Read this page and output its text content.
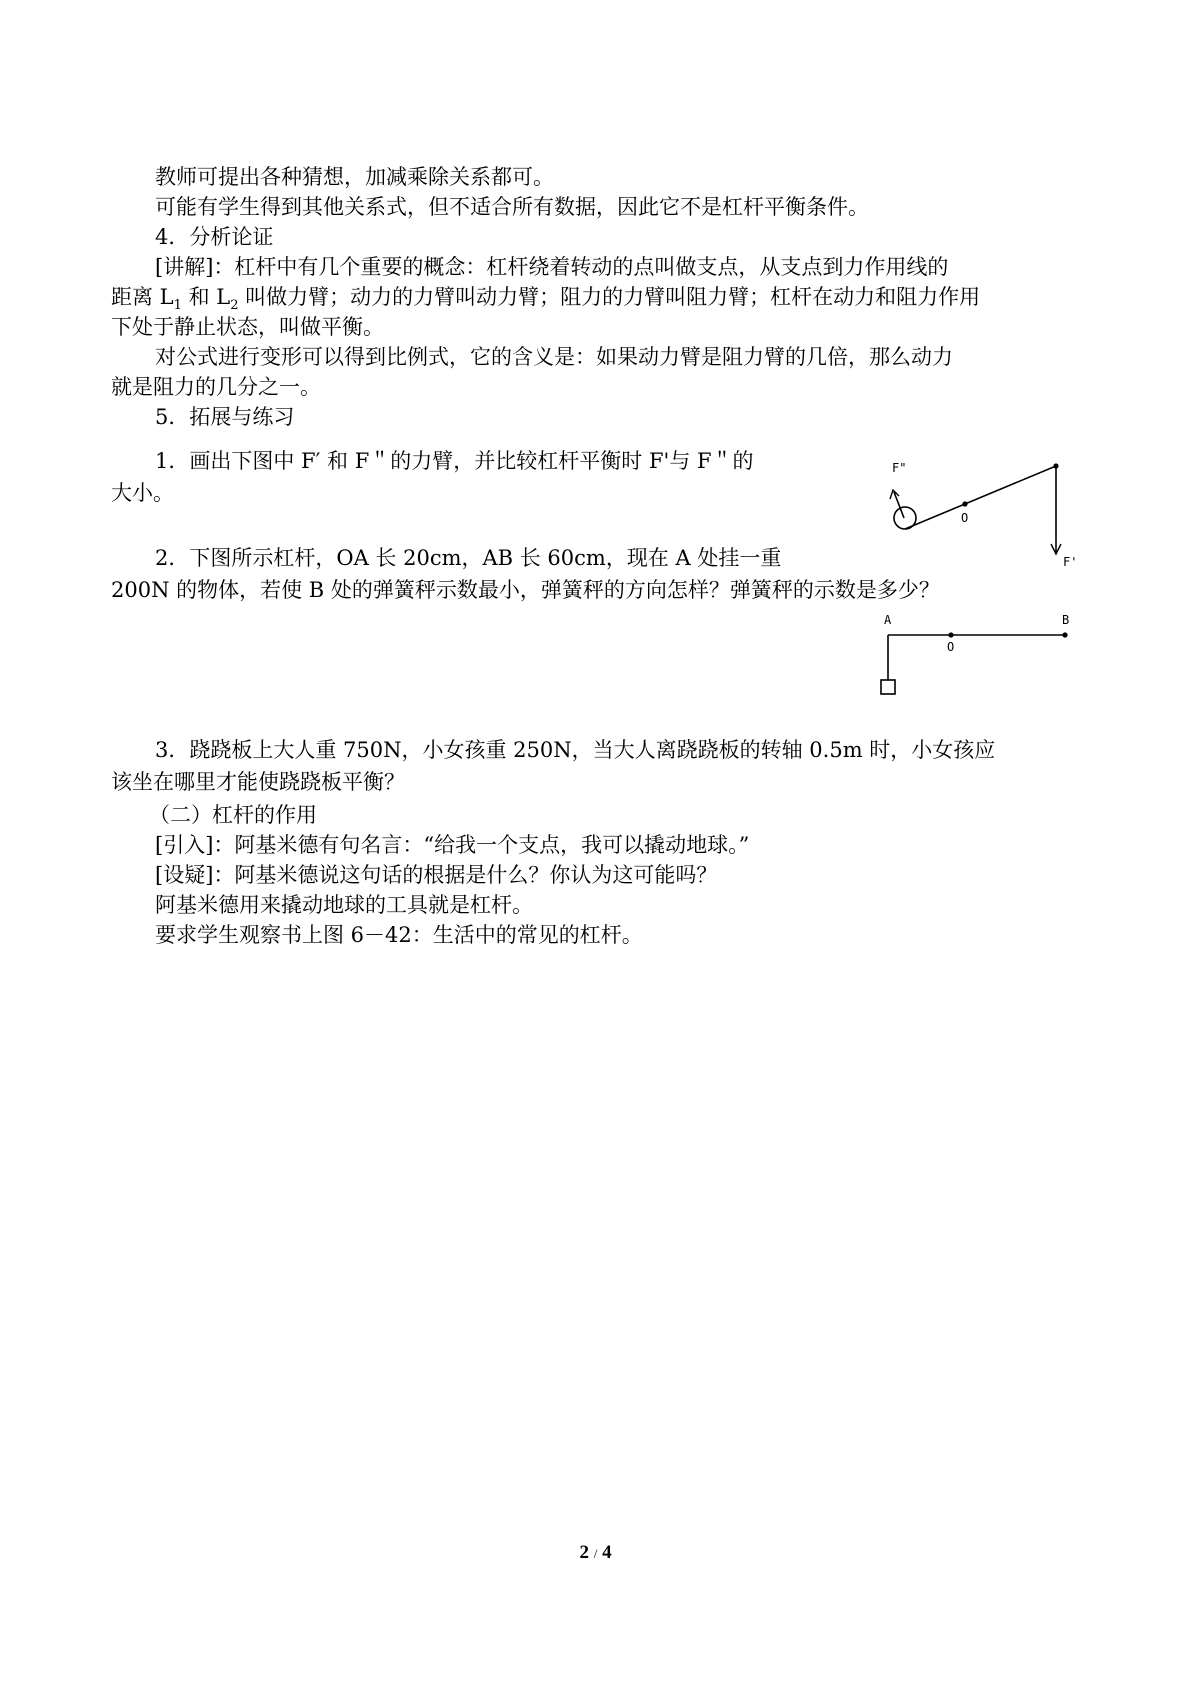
教师可提出各种猜想，加减乘除关系都可。

可能有学生得到其他关系式，但不适合所有数据，因此它不是杠杆平衡条件。

4．分析论证

[讲解]：杠杆中有几个重要的概念：杠杆绕着转动的点叫做支点，从支点到力作用线的

距离 $L_1$ 和 $L_2$ 叫做力臂；动力的力臂叫动力臂；阻力的力臂叫阻力臂；杠杆在动力和阻力作用

下处于静止状态，叫做平衡。

对公式进行变形可以得到比例式，它的含义是：如果动力臂是阻力臂的几倍，那么动力

就是阻力的几分之一。

5．拓展与练习

1．画出下图中 F′ 和 F＂的力臂，并比较杠杆平衡时 F'与 F＂的

大小。

2．下图所示杠杆，OA 长 20cm，AB 长 60cm，现在 A 处挂一重

200N 的物体，若使 B 处的弹簧秤示数最小，弹簧秤的方向怎样？弹簧秤的示数是多少？

3．跷跷板上大人重 750N，小女孩重 250N，当大人离跷跷板的转轴 0.5m 时，小女孩应

该坐在哪里才能使跷跷板平衡？

（二）杠杆的作用

[引入]：阿基米德有句名言：“给我一个支点，我可以撬动地球。”

[设疑]：阿基米德说这句话的根据是什么？你认为这可能吗？

阿基米德用来撬动地球的工具就是杠杆。

要求学生观察书上图 6－42：生活中的常见的杠杆。

F"
O
F'
A
O
B
2 / 4
